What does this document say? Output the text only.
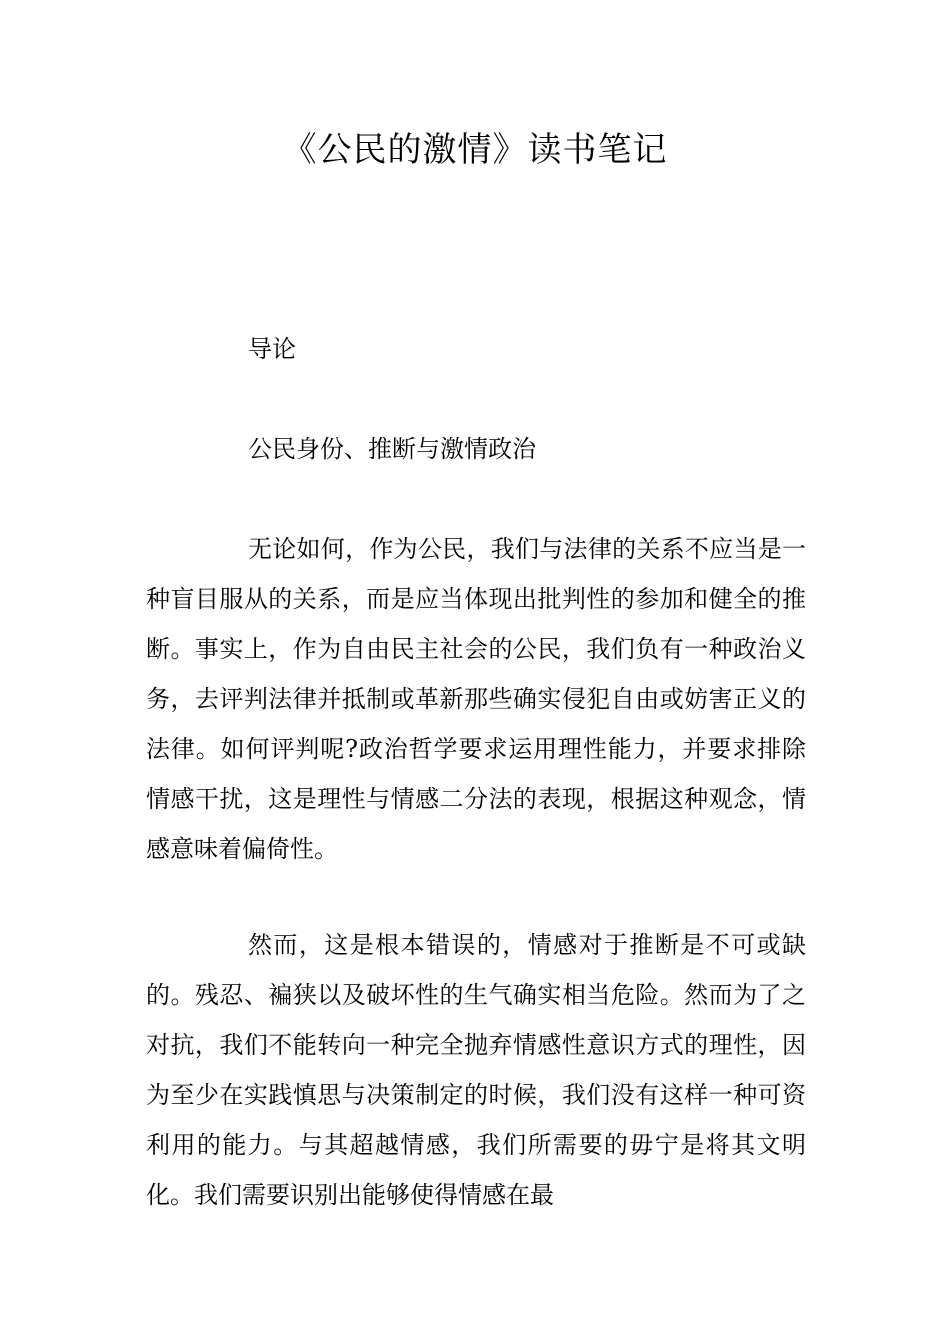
《公民的激情》读书笔记

导论

公民身份、推断与激情政治

无论如何，作为公民，我们与法律的关系不应当是一种盲目服从的关系，而是应当体现出批判性的参加和健全的推断。事实上，作为自由民主社会的公民，我们负有一种政治义务，去评判法律并抵制或革新那些确实侵犯自由或妨害正义的法律。如何评判呢?政治哲学要求运用理性能力，并要求排除情感干扰，这是理性与情感二分法的表现，根据这种观念，情感意味着偏倚性。

然而，这是根本错误的，情感对于推断是不可或缺的。残忍、褊狭以及破坏性的生气确实相当危险。然而为了之对抗，我们不能转向一种完全抛弃情感性意识方式的理性，因为至少在实践慎思与决策制定的时候，我们没有这样一种可资利用的能力。与其超越情感，我们所需要的毋宁是将其文明化。我们需要识别出能够使得情感在最
